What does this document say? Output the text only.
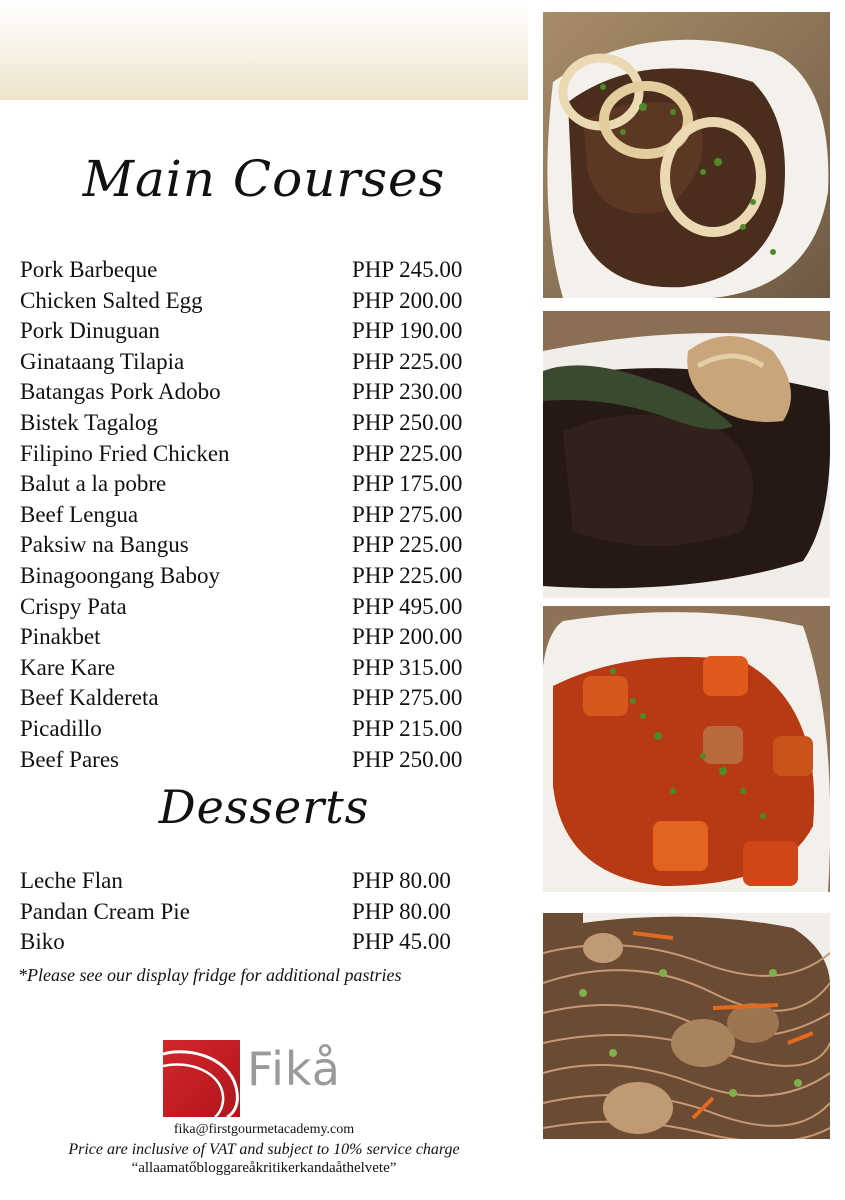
Main Courses
Pork Barbeque	PHP 245.00
Chicken Salted Egg	PHP 200.00
Pork Dinuguan	PHP 190.00
Ginataang Tilapia	PHP 225.00
Batangas Pork Adobo	PHP 230.00
Bistek Tagalog	PHP 250.00
Filipino Fried Chicken	PHP 225.00
Balut a la pobre	PHP 175.00
Beef Lengua	PHP 275.00
Paksiw na Bangus	PHP 225.00
Binagoongang Baboy	PHP 225.00
Crispy Pata	PHP 495.00
Pinakbet	PHP 200.00
Kare Kare	PHP 315.00
Beef Kaldereta	PHP 275.00
Picadillo	PHP 215.00
Beef Pares	PHP 250.00
Desserts
Leche Flan	PHP 80.00
Pandan Cream Pie	PHP 80.00
Biko	PHP 45.00
*Please see our display fridge for additional pastries
Fikå
fika@firstgourmetacademy.com
Price are inclusive of VAT and subject to 10% service charge
“allaamatőbloggareåkritikerkandaåthelvete”
